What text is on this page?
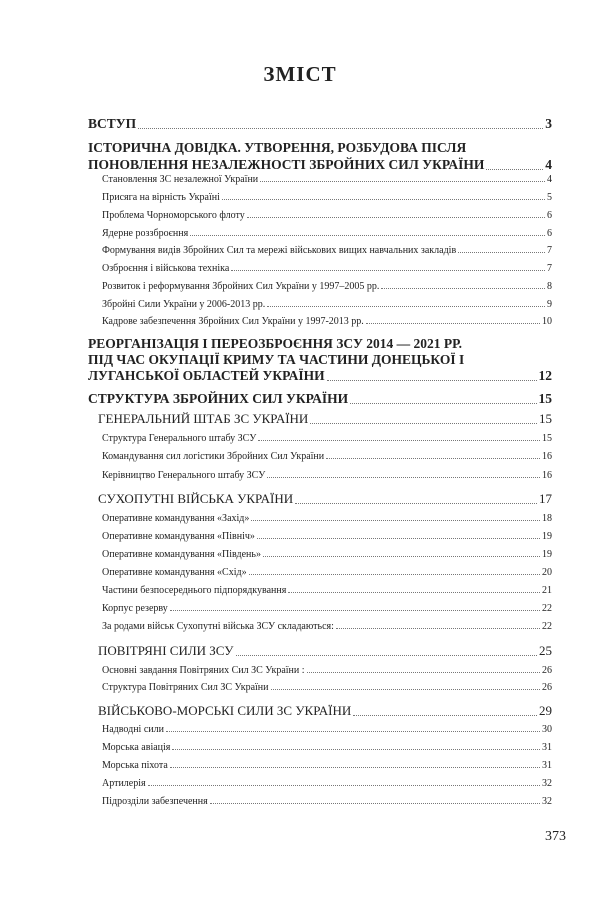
ЗМІСТ
ВСТУП	3
ІСТОРИЧНА ДОВІДКА. УТВОРЕННЯ, РОЗБУДОВА ПІСЛЯ
ПОНОВЛЕННЯ НЕЗАЛЕЖНОСТІ ЗБРОЙНИХ СИЛ УКРАЇНИ	4
Становлення ЗС незалежної України	4
Присяга на вірність Україні	5
Проблема Чорноморського флоту	6
Ядерне роззброєння	6
Формування видів Збройних Сил та мережі військових вищих навчальних закладів	7
Озброєння і військова техніка	7
Розвиток і реформування Збройних Сил України у 1997–2005 рр.	8
Збройні Сили України у 2006-2013 рр.	9
Кадрове забезпечення Збройних Сил України у 1997-2013 рр.	10
РЕОРГАНІЗАЦІЯ І ПЕРЕОЗБРОЄННЯ ЗСУ 2014 — 2021 РР.
ПІД ЧАС ОКУПАЦІЇ КРИМУ ТА ЧАСТИНИ ДОНЕЦЬКОЇ І
ЛУГАНСЬКОЇ ОБЛАСТЕЙ УКРАЇНИ	12
СТРУКТУРА ЗБРОЙНИХ СИЛ УКРАЇНИ	15
ГЕНЕРАЛЬНИЙ ШТАБ ЗС УКРАЇНИ	15
Структура Генерального штабу ЗСУ	15
Командування сил логістики Збройних Сил України	16
Керівництво Генерального штабу ЗСУ	16
СУХОПУТНІ ВІЙСЬКА УКРАЇНИ	17
Оперативне командування «Захід»	18
Оперативне командування «Північ»	19
Оперативне командування «Південь»	19
Оперативне командування «Схід»	20
Частини безпосереднього підпорядкування	21
Корпус резерву	22
За родами військ Сухопутні війська ЗСУ складаються:	22
ПОВІТРЯНІ СИЛИ ЗСУ	25
Основні завдання Повітряних Сил ЗС України :	26
Структура Повітряних Сил ЗС України	26
ВІЙСЬКОВО-МОРСЬКІ СИЛИ ЗС УКРАЇНИ	29
Надводні сили	30
Морська авіація	31
Морська піхота	31
Артилерія	32
Підрозділи забезпечення	32
373
